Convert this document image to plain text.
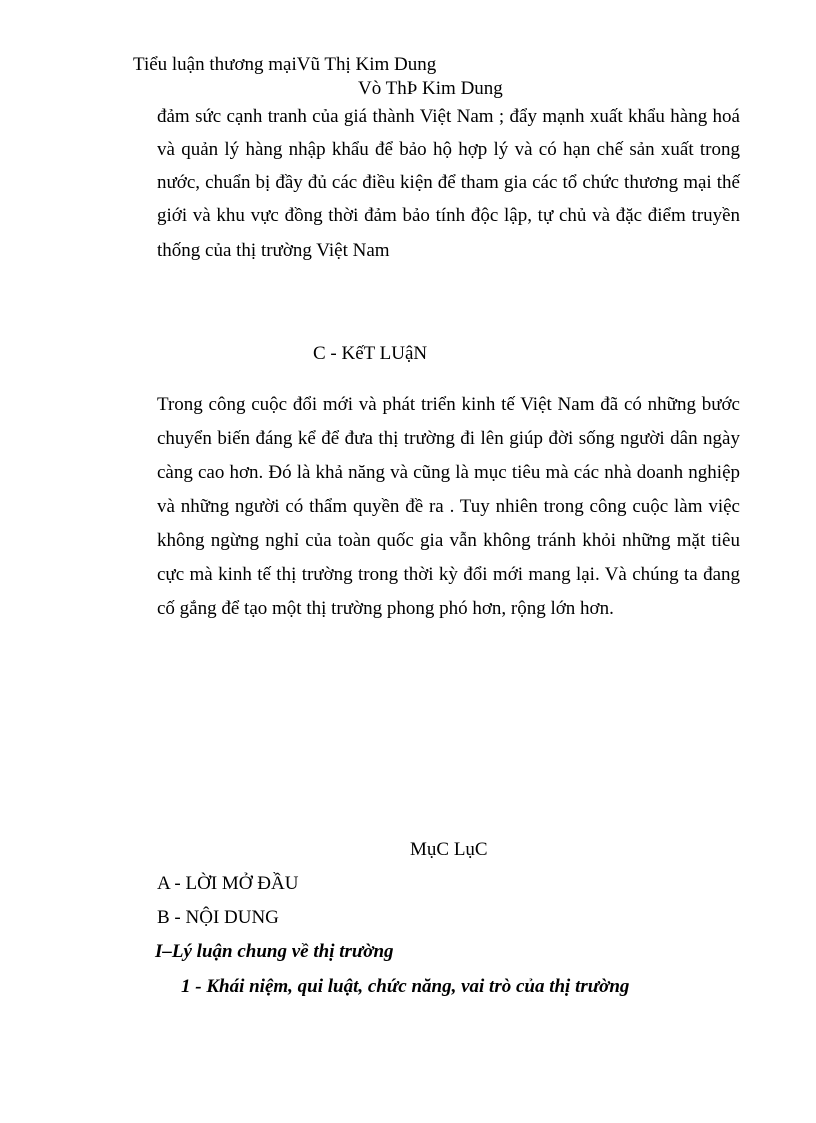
Tiểu luận thương mạiVũ Thị Kim Dung
Vò ThÞ Kim Dung
đảm sức cạnh tranh của giá thành Việt Nam ; đẩy mạnh xuất khẩu hàng hoá
và quản lý hàng nhập khẩu để bảo hộ hợp lý và có hạn chế sản xuất trong
nước, chuẩn bị đầy đủ các điều kiện để tham gia các tổ chức thương mại thế
giới và khu vực đồng thời đảm bảo tính độc lập, tự chủ và đặc điểm truyền
thống của thị trường Việt Nam
C - KếT LUậN
Trong công cuộc đổi mới và phát triển kinh tế Việt Nam đã có những bước
chuyển biến đáng kể để đưa thị trường đi lên giúp đời sống người dân ngày
càng cao hơn. Đó là khả năng và cũng là mục tiêu mà các nhà doanh nghiệp
và những người có thẩm quyền đề ra . Tuy nhiên trong công cuộc làm việc
không ngừng nghỉ của toàn quốc gia vẫn không tránh khỏi những mặt tiêu
cực mà kinh tế thị trường trong thời kỳ đổi mới mang lại. Và chúng ta đang
cố gắng để tạo một thị trường phong phó hơn, rộng lớn hơn.
MụC LụC
A - LỜI MỞ ĐẦU
B - NỘI DUNG
I–Lý luận chung về thị trường
1 - Khái niệm, qui luật, chức năng, vai trò của thị trường
